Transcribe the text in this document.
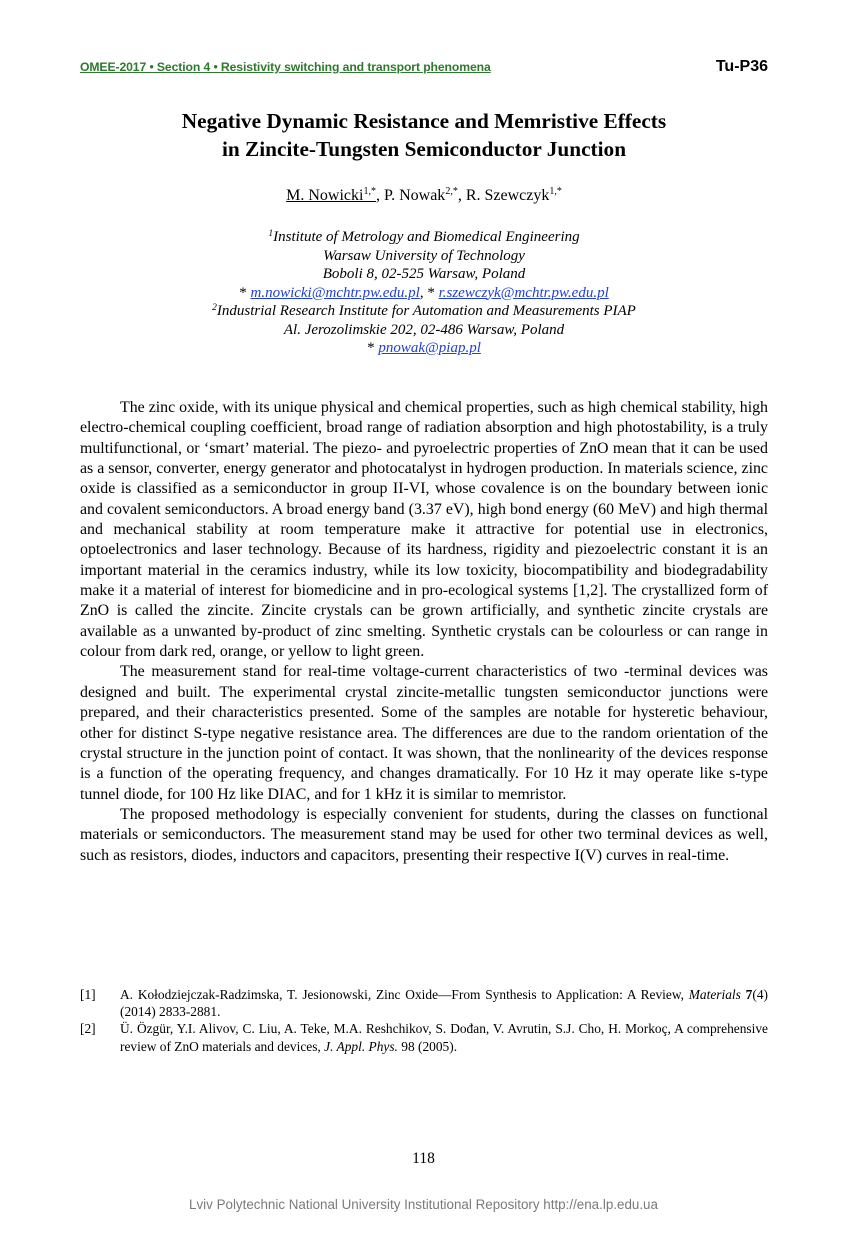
OMEE-2017 • Section 4 • Resistivity switching and transport phenomena	Tu-P36
Negative Dynamic Resistance and Memristive Effects
in Zincite-Tungsten Semiconductor Junction
M. Nowicki$^{1,*}$, P. Nowak$^{2,*}$, R. Szewczyk$^{1,*}$
$^1$Institute of Metrology and Biomedical Engineering
Warsaw University of Technology
Boboli 8, 02-525 Warsaw, Poland
* m.nowicki@mchtr.pw.edu.pl, * r.szewczyk@mchtr.pw.edu.pl
$^2$Industrial Research Institute for Automation and Measurements PIAP
Al. Jerozolimskie 202, 02-486 Warsaw, Poland
* pnowak@piap.pl

The zinc oxide, with its unique physical and chemical properties, such as high chemical stability, high electro-chemical coupling coefficient, broad range of radiation absorption and high photostability, is a truly multifunctional, or ‘smart’ material. The piezo- and pyroelectric properties of ZnO mean that it can be used as a sensor, converter, energy generator and photocatalyst in hydrogen production. In materials science, zinc oxide is classified as a semiconductor in group II-VI, whose covalence is on the boundary between ionic and covalent semiconductors. A broad energy band (3.37 eV), high bond energy (60 MeV) and high thermal and mechanical stability at room temperature make it attractive for potential use in electronics, optoelectronics and laser technology. Because of its hardness, rigidity and piezoelectric constant it is an important material in the ceramics industry, while its low toxicity, biocompatibility and biodegradability make it a material of interest for biomedicine and in pro-ecological systems [1,2]. The crystallized form of ZnO is called the zincite. Zincite crystals can be grown artificially, and synthetic zincite crystals are available as a unwanted by-product of zinc smelting. Synthetic crystals can be colourless or can range in colour from dark red, orange, or yellow to light green.

The measurement stand for real-time voltage-current characteristics of two -terminal devices was designed and built. The experimental crystal zincite-metallic tungsten semiconductor junctions were prepared, and their characteristics presented. Some of the samples are notable for hysteretic behaviour, other for distinct S-type negative resistance area. The differences are due to the random orientation of the crystal structure in the junction point of contact. It was shown, that the nonlinearity of the devices response is a function of the operating frequency, and changes dramatically. For 10 Hz it may operate like s-type tunnel diode, for 100 Hz like DIAC, and for 1 kHz it is similar to memristor.

The proposed methodology is especially convenient for students, during the classes on functional materials or semiconductors. The measurement stand may be used for other two terminal devices as well, such as resistors, diodes, inductors and capacitors, presenting their respective I(V) curves in real-time.

[1]	A. Kołodziejczak-Radzimska, T. Jesionowski, Zinc Oxide—From Synthesis to Application: A Review, Materials 7(4) (2014) 2833-2881.
[2]	Ü. Özgür, Y.I. Alivov, C. Liu, A. Teke, M.A. Reshchikov, S. Dođan, V. Avrutin, S.J. Cho, H. Morkoç, A comprehensive review of ZnO materials and devices, J. Appl. Phys. 98 (2005).
118
Lviv Polytechnic National University Institutional Repository http://ena.lp.edu.ua
